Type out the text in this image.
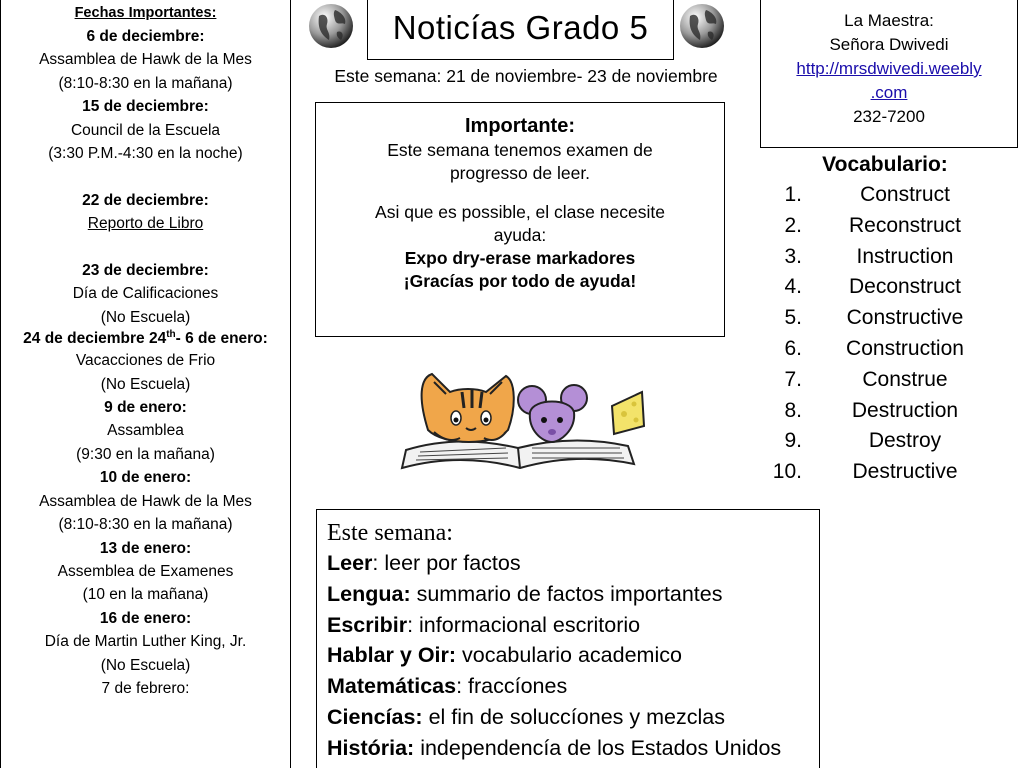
Fechas Importantes:
6 de deciembre:
Assamblea de Hawk de la Mes
(8:10-8:30 en la mañana)
15 de deciembre:
Council de la Escuela
(3:30 P.M.-4:30 en la noche)
22 de deciembre:
Reporto de Libro
23 de deciembre:
Día de Calificaciones
(No Escuela)
24 de deciembre 24th- 6 de enero:
Vacacciones de Frio
(No Escuela)
9 de enero:
Assamblea
(9:30 en la mañana)
10 de enero:
Assamblea de Hawk de la Mes
(8:10-8:30 en la mañana)
13 de enero:
Assemblea de Examenes
(10 en la mañana)
16 de enero:
Día de Martin Luther King, Jr.
(No Escuela)
7 de febrero:
Noticías Grado 5
Este semana: 21 de noviembre- 23 de noviembre
La Maestra:
Señora Dwivedi
http://mrsdwivedi.weebly
.com
232-7200
Importante:
Este semana tenemos examen de
progresso de leer.
Asi que es possible, el clase necesite
ayuda:
Expo dry-erase markadores
¡Gracías por todo de ayuda!
Vocabulario:
1.	Construct
2.	Reconstruct
3.	Instruction
4.	Deconstruct
5.	Constructive
6.	Construction
7.	Construe
8.	Destruction
9.	Destroy
10.	Destructive
Este semana:
Leer: leer por factos
Lengua: summario de factos importantes
Escribir: informacional escritorio
Hablar y Oir: vocabulario academico
Matemáticas: fraccíones
Ciencías: el fin de soluccíones y mezclas
História: independencía de los Estados Unidos
